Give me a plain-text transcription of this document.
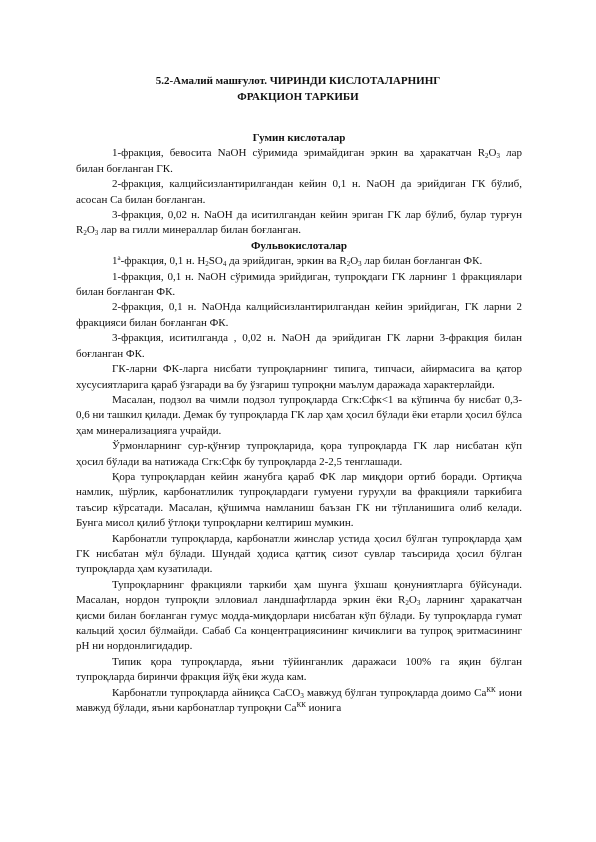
5.2-Амалий машғулот. ЧИРИНДИ КИСЛОТАЛАРНИНГ
ФРАКЦИОН ТАРКИБИ
Гумин кислоталар

1-фракция, бевосита NaOH сўримида эримайдиган эркин ва ҳаракатчан $R_2O_3$ лар билан боғланган ГК.

2-фракция, калцийсизлантирилгандан кейин 0,1 н. NaOH да эрийдиган ГК бўлиб, асосан Са билан боғланган.

3-фракция, 0,02 н. NaOH да иситилгандан кейин эриган ГК лар бўлиб, булар турғун $R_2O_3$ лар ва гилли минераллар билан боғланган.

Фульвокислоталар

$1^а$-фракция, 0,1 н. $H_2SO_4$ да эрийдиган, эркин ва $R_2O_3$ лар билан боғланган ФК.

1-фракция, 0,1 н. NaOH сўримида эрийдиган, тупроқдаги ГК ларнинг 1 фракциялари билан боғланган ФК.

2-фракция, 0,1 н. NaOHда калцийсизлантирилгандан кейин эрийдиган, ГК ларни 2 фракцияси билан боғланган ФК.

3-фракция, иситилганда , 0,02 н. NaOH да эрийдиган ГК ларни 3-фракция билан боғланган ФК.

ГК-ларни ФК-ларга нисбати тупроқларнинг типига, типчаси, айирмасига ва қатор хусусиятларига қараб ўзгаради ва бу ўзгариш тупроқни маълум даражада характерлайди.

Масалан, подзол ва чимли подзол тупроқларда Сгк:Сфк<1 ва кўпинча бу нисбат 0,3-0,6 ни ташкил қилади. Демак бу тупроқларда ГК лар ҳам ҳосил бўлади ёки етарли ҳосил бўлса ҳам минерализацияга учрайди.

Ўрмонларнинг сур-қўнғир тупроқларида, қора тупроқларда ГК лар нисбатан кўп ҳосил бўлади ва натижада Сгк:Сфк бу тупроқларда 2-2,5 тенглашади.

Қора тупроқлардан кейин жанубга қараб ФК лар миқдори ортиб боради. Ортиқча намлик, шўрлик, карбонатлилик тупроқлардаги гумуени гуруҳли ва фракцияли таркибига таъсир кўрсатади. Масалан, қўшимча намланиш баъзан ГК ни тўпланишига олиб келади. Бунга мисол қилиб ўтлоқи тупроқларни келтириш мумкин.

Карбонатли тупроқларда, карбонатли жинслар устида ҳосил бўлган тупроқларда ҳам ГК нисбатан мўл бўлади. Шундай ҳодиса қаттиқ сизот сувлар таъсирида ҳосил бўлган тупроқларда ҳам кузатилади.

Тупроқларнинг фракцияли таркиби ҳам шунга ўхшаш қонуниятларга бўйсунади. Масалан, нордон тупроқли элловиал ландшафтларда эркин ёки $R_2O_3$ ларнинг ҳаракатчан қисми билан боғланган гумус модда-миқдорлари нисбатан кўп бўлади. Бу тупроқларда гумат кальций ҳосил бўлмайди. Сабаб Са концентрациясининг кичиклиги ва тупроқ эритмасининг рН ни нордонлигидадир.

Типик қора тупроқларда, яъни тўйинганлик даражаси 100% га яқин бўлган тупроқларда биринчи фракция йўқ ёки жуда кам.

Карбонатли тупроқларда айниқса СаСО$_3$ мавжуд бўлган тупроқларда доимо $Са^{КК}$ иони мавжуд бўлади, яъни карбонатлар тупроқни $Са^{КК}$ ионига
